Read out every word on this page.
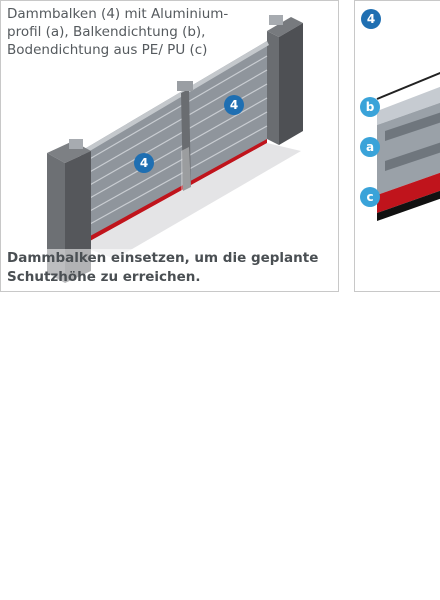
4
4
Dammbalken (4) mit Aluminium-profil (a), Balkendichtung (b), Bodendichtung aus PE/ PU (c)
Dammbalken einsetzen, um die geplante Schutzhöhe zu erreichen.
4
b
a
c
